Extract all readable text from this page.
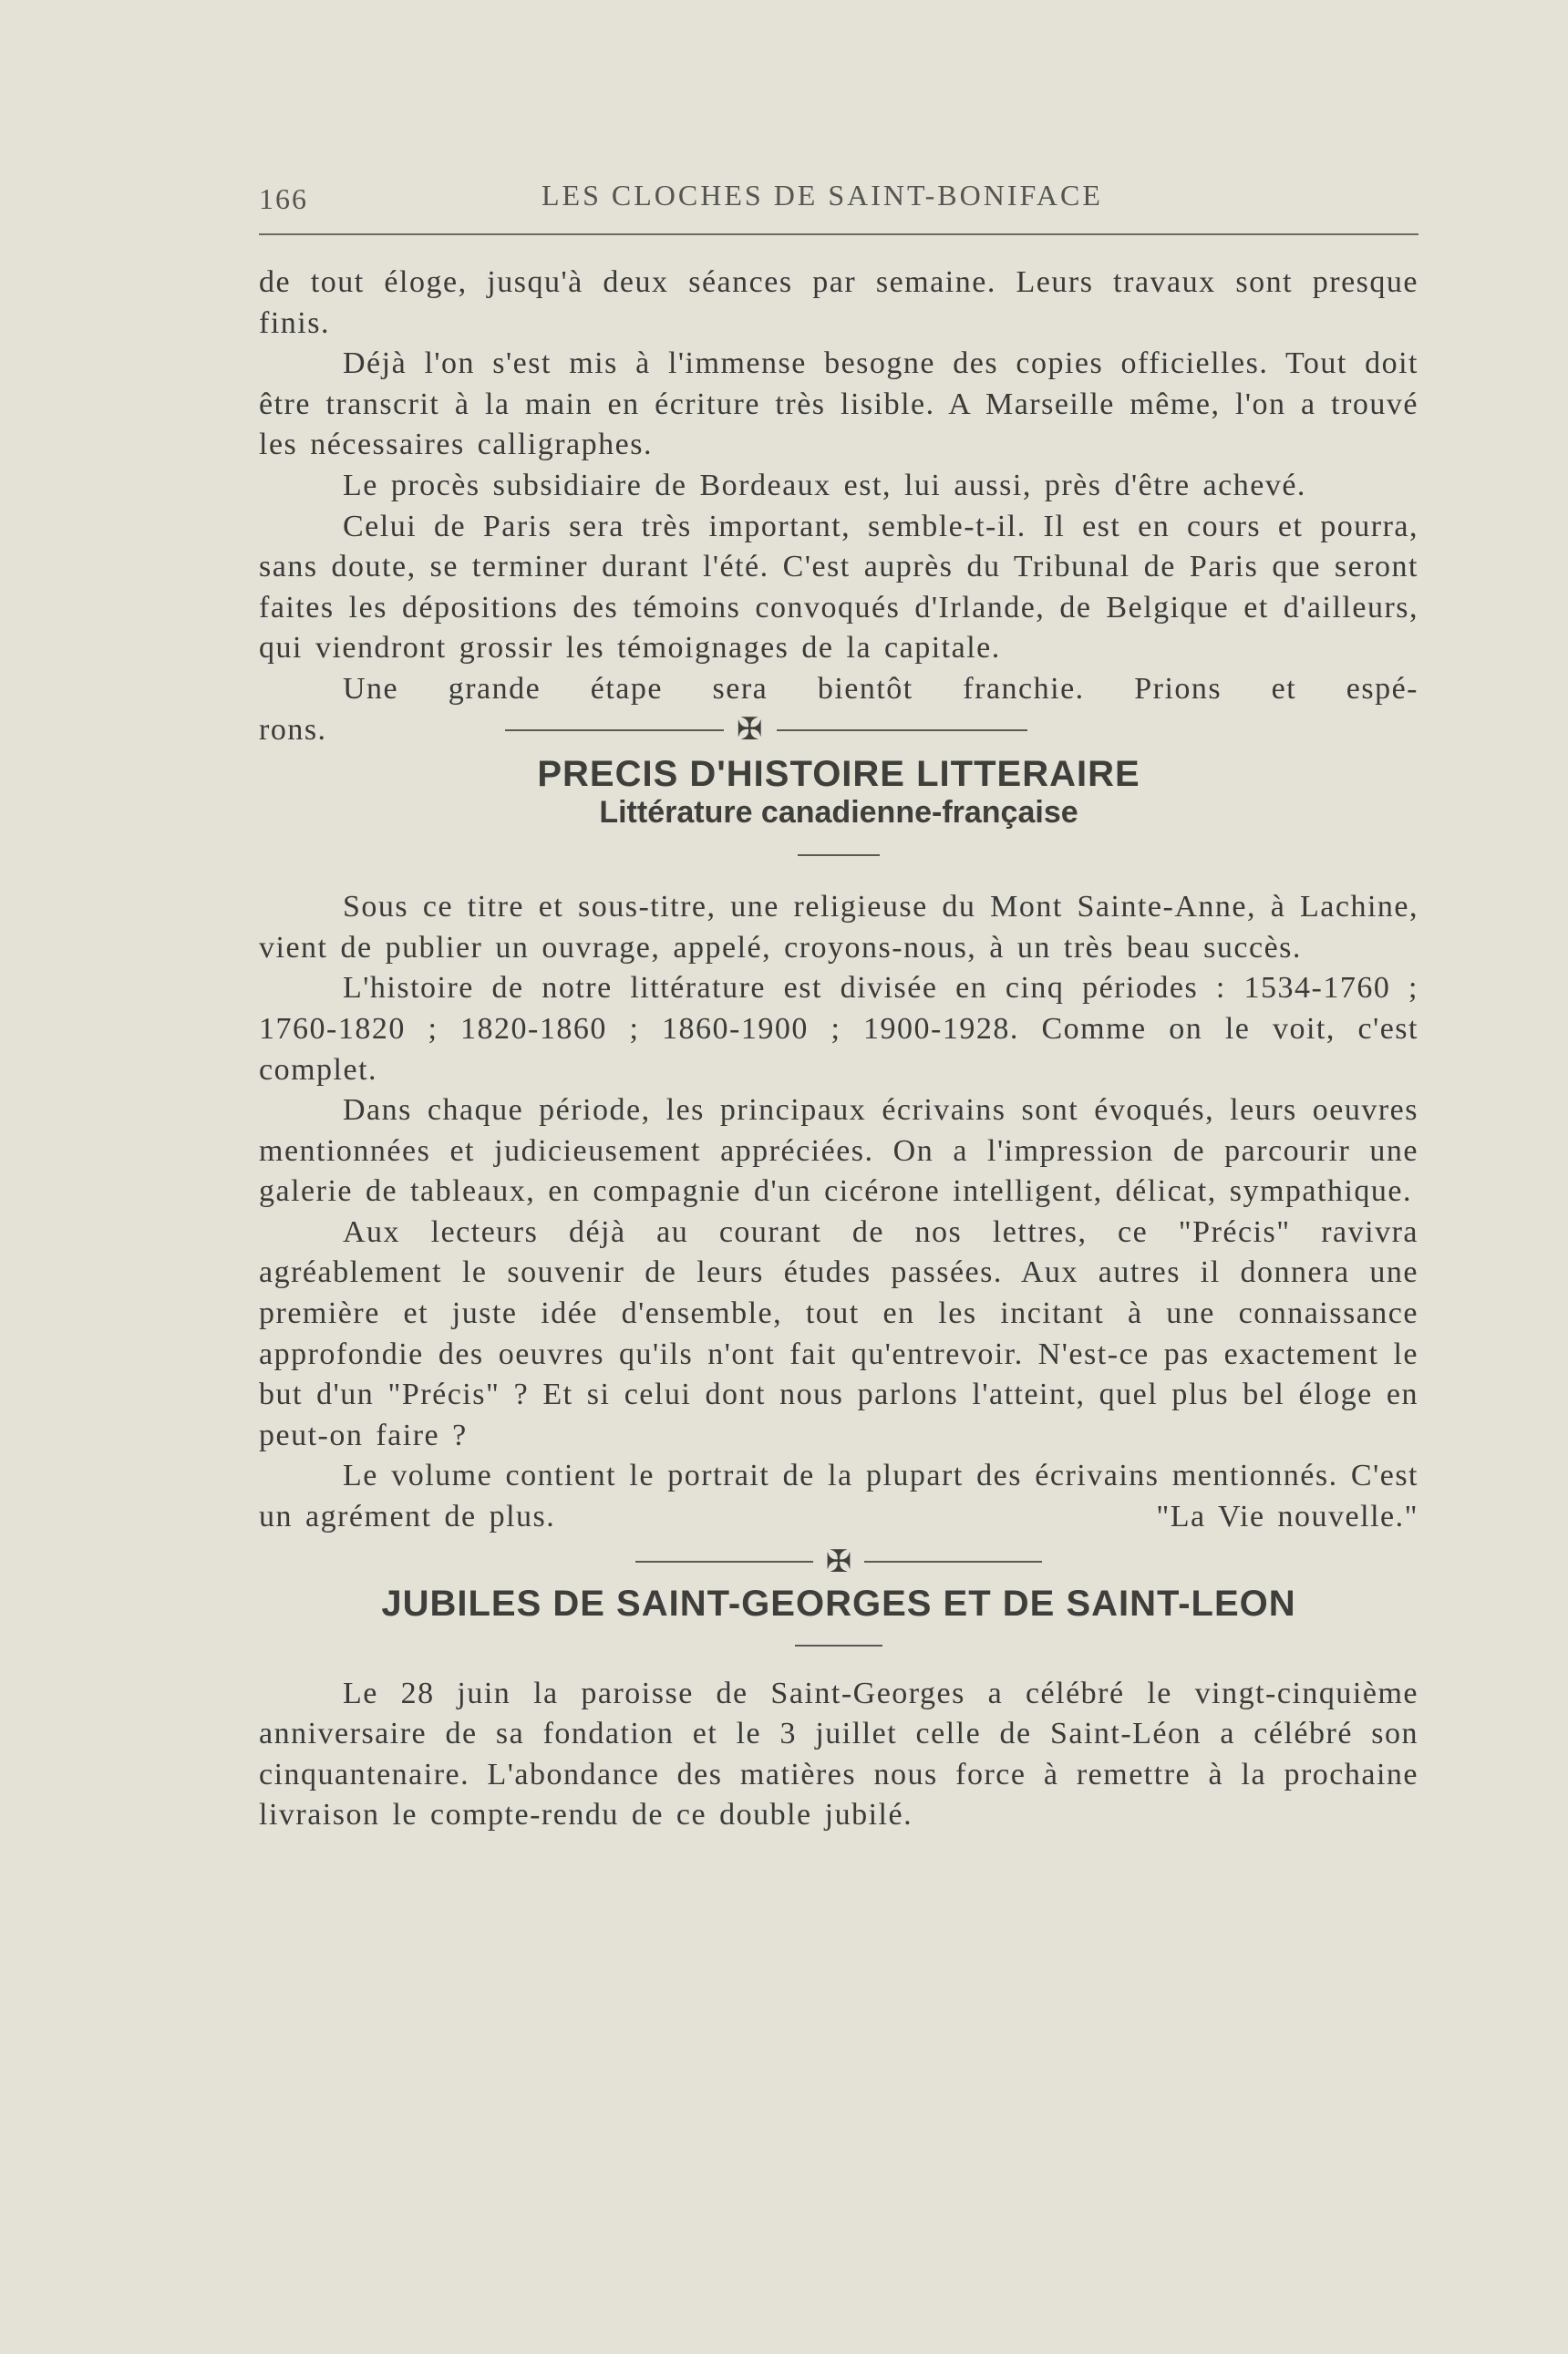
166	LES CLOCHES DE SAINT-BONIFACE

de tout éloge, jusqu'à deux séances par semaine. Leurs travaux sont presque finis.

Déjà l'on s'est mis à l'immense besogne des copies officielles. Tout doit être transcrit à la main en écriture très lisible. A Marseille même, l'on a trouvé les nécessaires calligraphes.

Le procès subsidiaire de Bordeaux est, lui aussi, près d'être achevé.

Celui de Paris sera très important, semble-t-il. Il est en cours et pourra, sans doute, se terminer durant l'été. C'est auprès du Tribunal de Paris que seront faites les dépositions des témoins convoqués d'Irlande, de Belgique et d'ailleurs, qui viendront grossir les témoignages de la capitale.

Une grande étape sera bientôt franchie. Prions et espé-

rons.	✠
PRECIS D'HISTOIRE LITTERAIRE
Littérature canadienne-française

Sous ce titre et sous-titre, une religieuse du Mont Sainte-Anne, à Lachine, vient de publier un ouvrage, appelé, croyons-nous, à un très beau succès.

L'histoire de notre littérature est divisée en cinq périodes : 1534-1760 ; 1760-1820 ; 1820-1860 ; 1860-1900 ; 1900-1928. Comme on le voit, c'est complet.

Dans chaque période, les principaux écrivains sont évoqués, leurs oeuvres mentionnées et judicieusement appréciées. On a l'impression de parcourir une galerie de tableaux, en compagnie d'un cicérone intelligent, délicat, sympathique.

Aux lecteurs déjà au courant de nos lettres, ce "Précis" ravivra agréablement le souvenir de leurs études passées. Aux autres il donnera une première et juste idée d'ensemble, tout en les incitant à une connaissance approfondie des oeuvres qu'ils n'ont fait qu'entrevoir. N'est-ce pas exactement le but d'un "Précis" ? Et si celui dont nous parlons l'atteint, quel plus bel éloge en peut-on faire ?

Le volume contient le portrait de la plupart des écrivains mentionnés. C'est un agrément de plus.	"La Vie nouvelle."

✠
JUBILES DE SAINT-GEORGES ET DE SAINT-LEON

Le 28 juin la paroisse de Saint-Georges a célébré le vingt-cinquième anniversaire de sa fondation et le 3 juillet celle de Saint-Léon a célébré son cinquantenaire. L'abondance des matières nous force à remettre à la prochaine livraison le compte-rendu de ce double jubilé.
